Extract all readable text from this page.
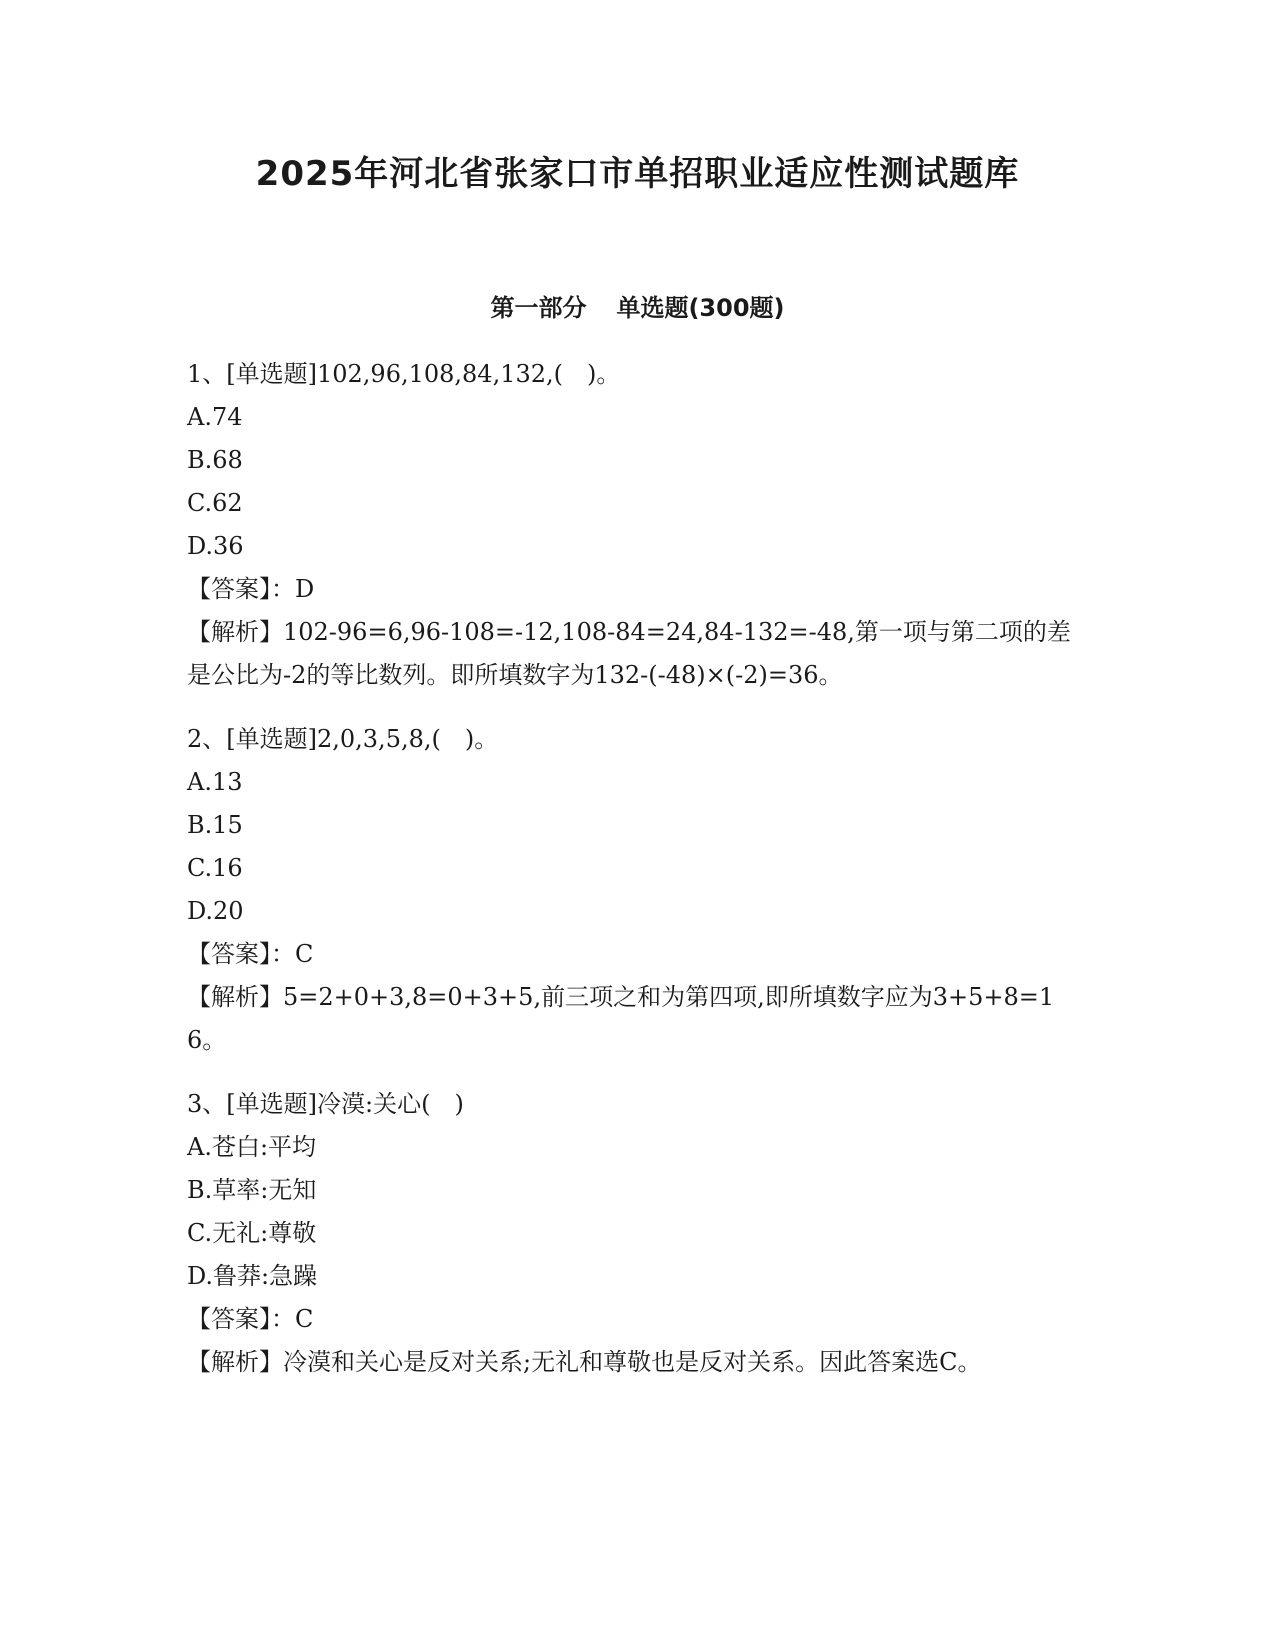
2025年河北省张家口市单招职业适应性测试题库
第一部分 单选题(300题)
1、[单选题]102,96,108,84,132,(　)。
A.74
B.68
C.62
D.36
【答案】：D
【解析】102-96=6,96-108=-12,108-84=24,84-132=-48,第一项与第二项的差是公比为-2的等比数列。即所填数字为132-(-48)×(-2)=36。
2、[单选题]2,0,3,5,8,(　)。
A.13
B.15
C.16
D.20
【答案】：C
【解析】5=2+0+3,8=0+3+5,前三项之和为第四项,即所填数字应为3+5+8=16。
3、[单选题]冷漠:关心(　)
A.苍白:平均
B.草率:无知
C.无礼:尊敬
D.鲁莽:急躁
【答案】：C
【解析】冷漠和关心是反对关系;无礼和尊敬也是反对关系。因此答案选C。
